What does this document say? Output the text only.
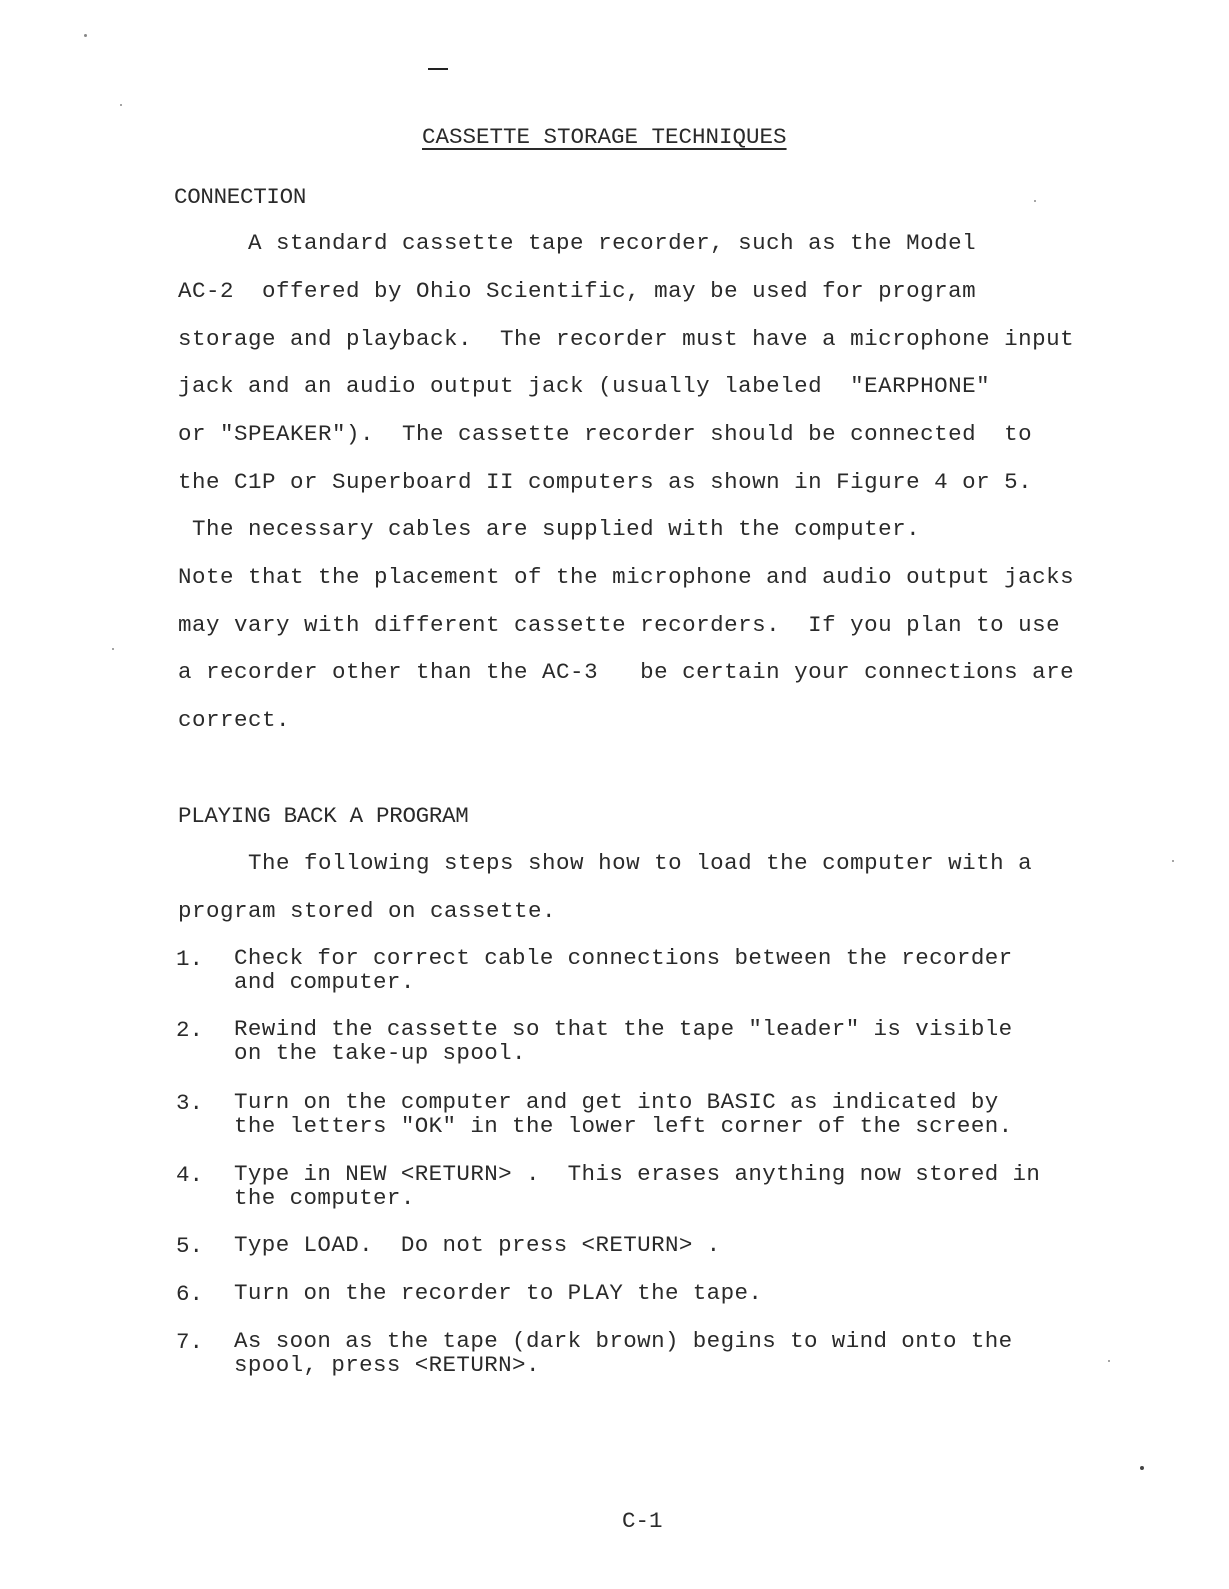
CASSETTE STORAGE TECHNIQUES
CONNECTION
A standard cassette tape recorder, such as the Model
AC-2  offered by Ohio Scientific, may be used for program
storage and playback.  The recorder must have a microphone input
jack and an audio output jack (usually labeled  "EARPHONE"
or "SPEAKER").  The cassette recorder should be connected  to
the C1P or Superboard II computers as shown in Figure 4 or 5.
The necessary cables are supplied with the computer.
Note that the placement of the microphone and audio output jacks
may vary with different cassette recorders.  If you plan to use
a recorder other than the AC-3   be certain your connections are
correct.
PLAYING BACK A PROGRAM
The following steps show how to load the computer with a
program stored on cassette.
1. Check for correct cable connections between the recorder
and computer.
2. Rewind the cassette so that the tape "leader" is visible
on the take-up spool.
3. Turn on the computer and get into BASIC as indicated by
the letters "OK" in the lower left corner of the screen.
4. Type in NEW <RETURN> .  This erases anything now stored in
the computer.
5. Type LOAD.  Do not press <RETURN> .
6. Turn on the recorder to PLAY the tape.
7. As soon as the tape (dark brown) begins to wind onto the
spool, press <RETURN>.
C-1
